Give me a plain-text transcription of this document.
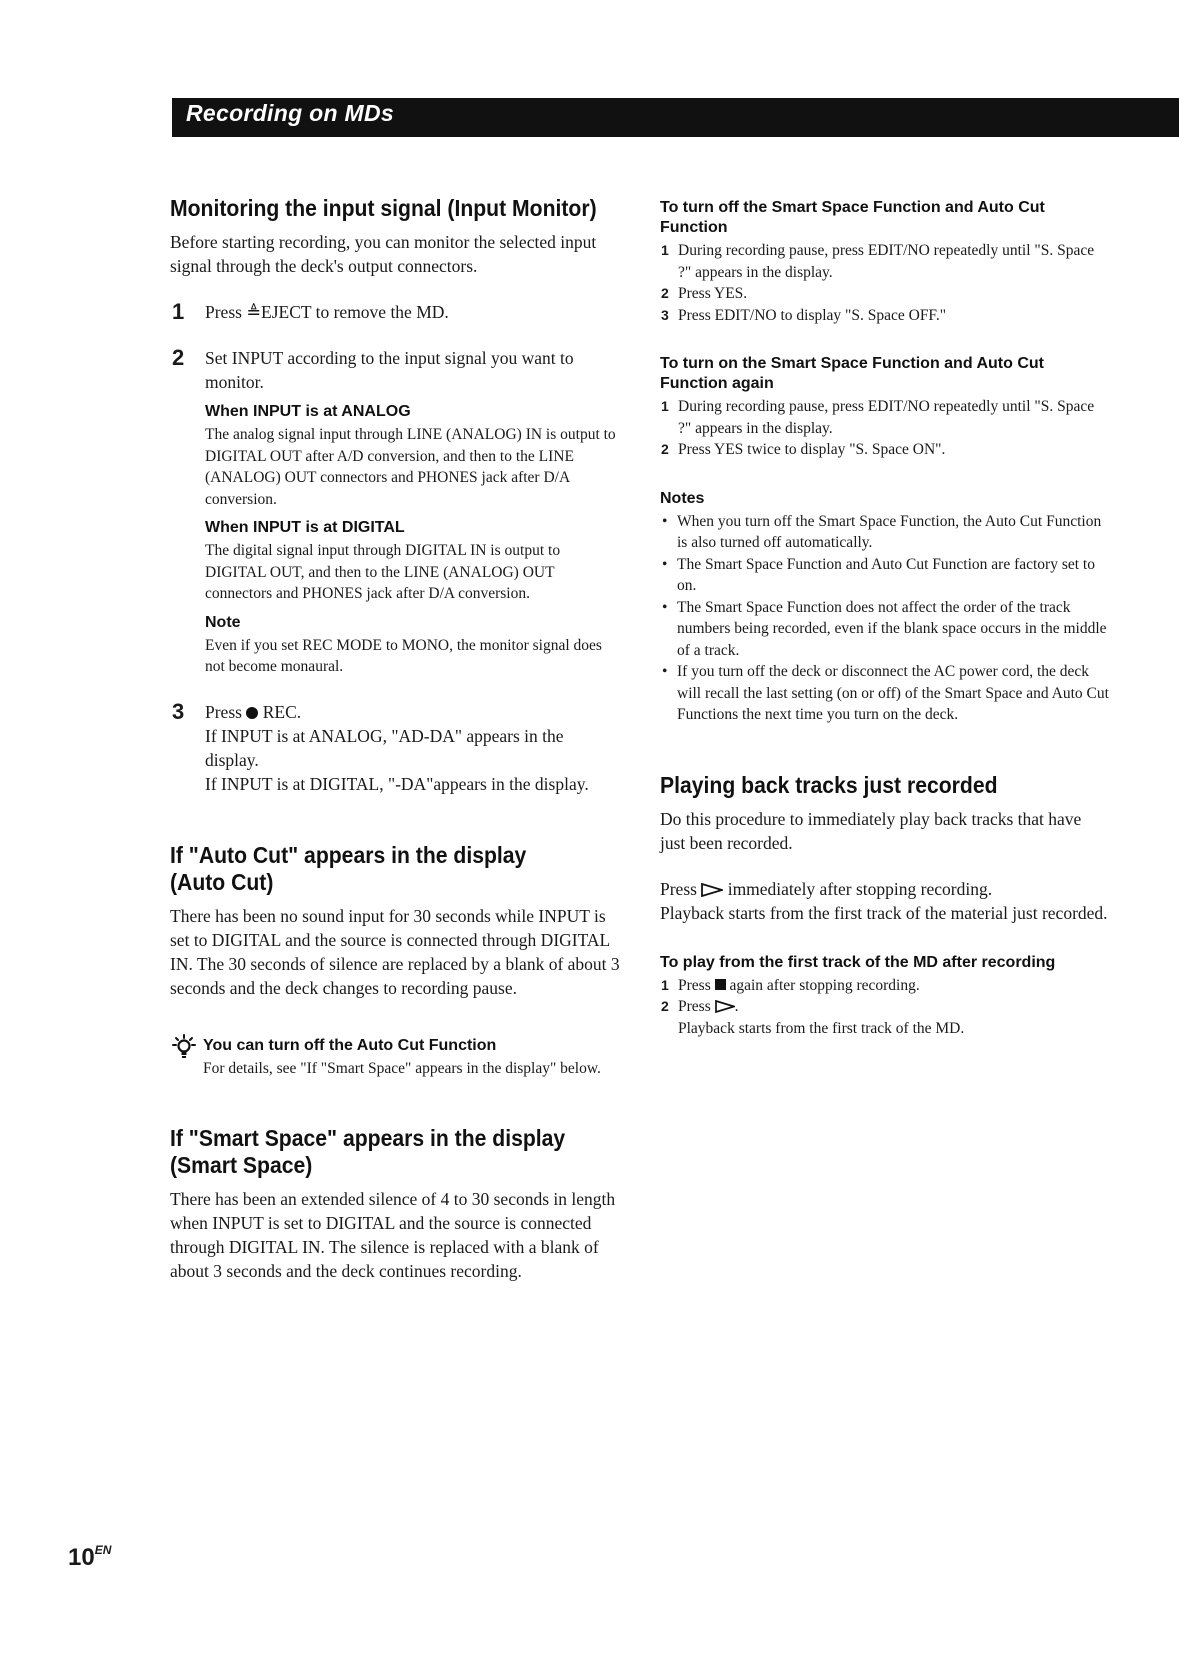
Recording on MDs
Monitoring the input signal (Input Monitor)

Before starting recording, you can monitor the selected input signal through the deck's output connectors.

1 Press ≜EJECT to remove the MD.

2 Set INPUT according to the input signal you want to monitor.

When INPUT is at ANALOG

The analog signal input through LINE (ANALOG) IN is output to DIGITAL OUT after A/D conversion, and then to the LINE (ANALOG) OUT connectors and PHONES jack after D/A conversion.

When INPUT is at DIGITAL

The digital signal input through DIGITAL IN is output to DIGITAL OUT, and then to the LINE (ANALOG) OUT connectors and PHONES jack after D/A conversion.

Note

Even if you set REC MODE to MONO, the monitor signal does not become monaural.

3 Press  REC.

If INPUT is at ANALOG, "AD-DA" appears in the display.

If INPUT is at DIGITAL, "-DA"appears in the display.

If "Auto Cut" appears in the display
(Auto Cut)

There has been no sound input for 30 seconds while INPUT is set to DIGITAL and the source is connected through DIGITAL IN. The 30 seconds of silence are replaced by a blank of about 3 seconds and the deck changes to recording pause.

You can turn off the Auto Cut Function

For details, see "If "Smart Space" appears in the display" below.

If "Smart Space" appears in the display
(Smart Space)

There has been an extended silence of 4 to 30 seconds in length when INPUT is set to DIGITAL and the source is connected through DIGITAL IN. The silence is replaced with a blank of about 3 seconds and the deck continues recording.

To turn off the Smart Space Function and Auto Cut Function
1 During recording pause, press EDIT/NO repeatedly until "S. Space ?" appears in the display.
2 Press YES.
3 Press EDIT/NO to display "S. Space OFF."
To turn on the Smart Space Function and Auto Cut Function again
1 During recording pause, press EDIT/NO repeatedly until "S. Space ?" appears in the display.
2 Press YES twice to display "S. Space ON".
Notes
• When you turn off the Smart Space Function, the Auto Cut Function is also turned off automatically.
• The Smart Space Function and Auto Cut Function are factory set to on.
• The Smart Space Function does not affect the order of the track numbers being recorded, even if the blank space occurs in the middle of a track.
• If you turn off the deck or disconnect the AC power cord, the deck will recall the last setting (on or off) of the Smart Space and Auto Cut Functions the next time you turn on the deck.
Playing back tracks just recorded

Do this procedure to immediately play back tracks that have just been recorded.

Press  immediately after stopping recording.

Playback starts from the first track of the material just recorded.

To play from the first track of the MD after recording
1 Press  again after stopping recording.
2 Press .
Playback starts from the first track of the MD.
$10^{EN}$
